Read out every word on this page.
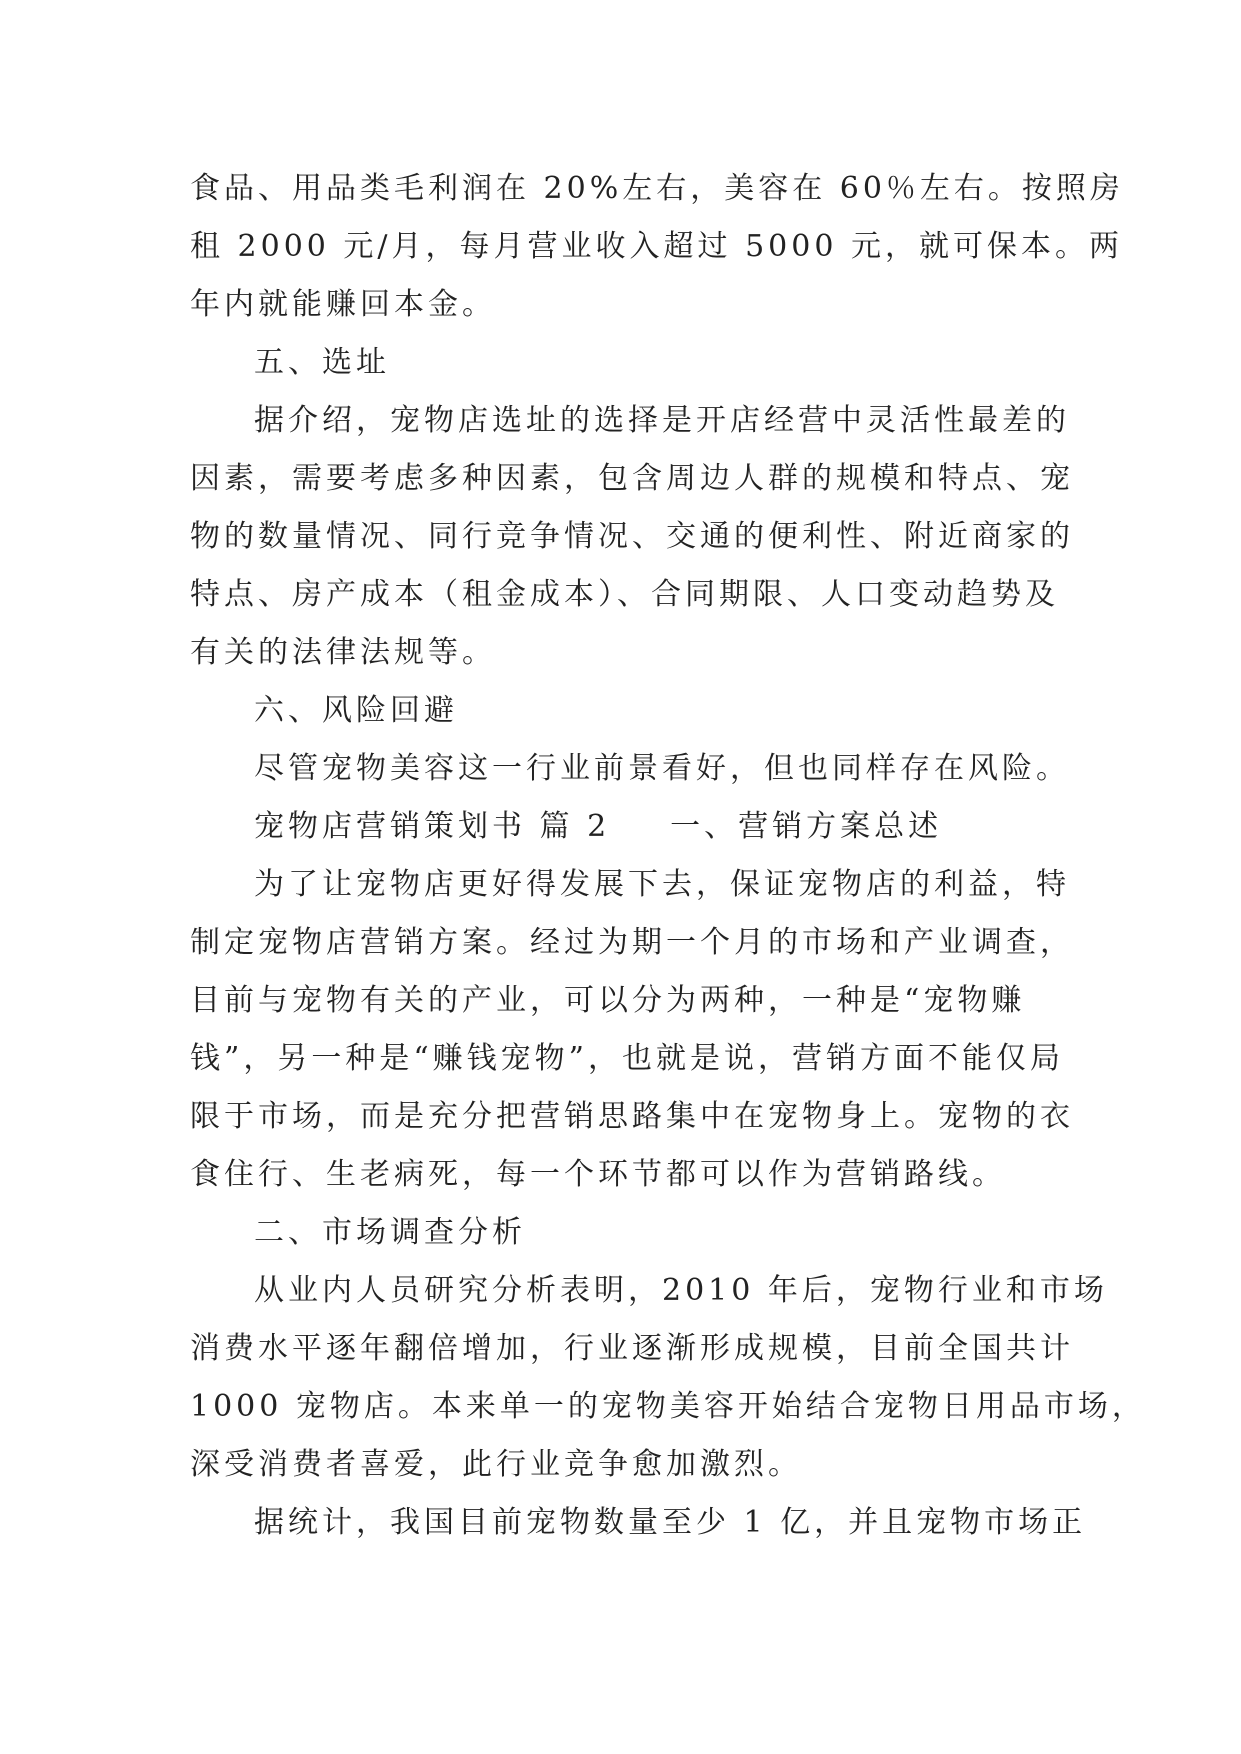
食品、用品类毛利润在 20%左右，美容在 60％左右。按照房
租 2000 元/月，每月营业收入超过 5000 元，就可保本。两
年内就能赚回本金。
五、选址
据介绍，宠物店选址的选择是开店经营中灵活性最差的
因素，需要考虑多种因素，包含周边人群的规模和特点、宠
物的数量情况、同行竞争情况、交通的便利性、附近商家的
特点、房产成本（租金成本）、合同期限、人口变动趋势及
有关的法律法规等。
六、风险回避
尽管宠物美容这一行业前景看好，但也同样存在风险。
宠物店营销策划书 篇 2 一、营销方案总述
为了让宠物店更好得发展下去，保证宠物店的利益，特
制定宠物店营销方案。经过为期一个月的市场和产业调查，
目前与宠物有关的产业，可以分为两种，一种是“宠物赚
钱”，另一种是“赚钱宠物”，也就是说，营销方面不能仅局
限于市场，而是充分把营销思路集中在宠物身上。宠物的衣
食住行、生老病死，每一个环节都可以作为营销路线。
二、市场调查分析
从业内人员研究分析表明，2010 年后，宠物行业和市场
消费水平逐年翻倍增加，行业逐渐形成规模，目前全国共计
1000 宠物店。本来单一的宠物美容开始结合宠物日用品市场，
深受消费者喜爱，此行业竞争愈加激烈。
据统计，我国目前宠物数量至少 1 亿，并且宠物市场正
